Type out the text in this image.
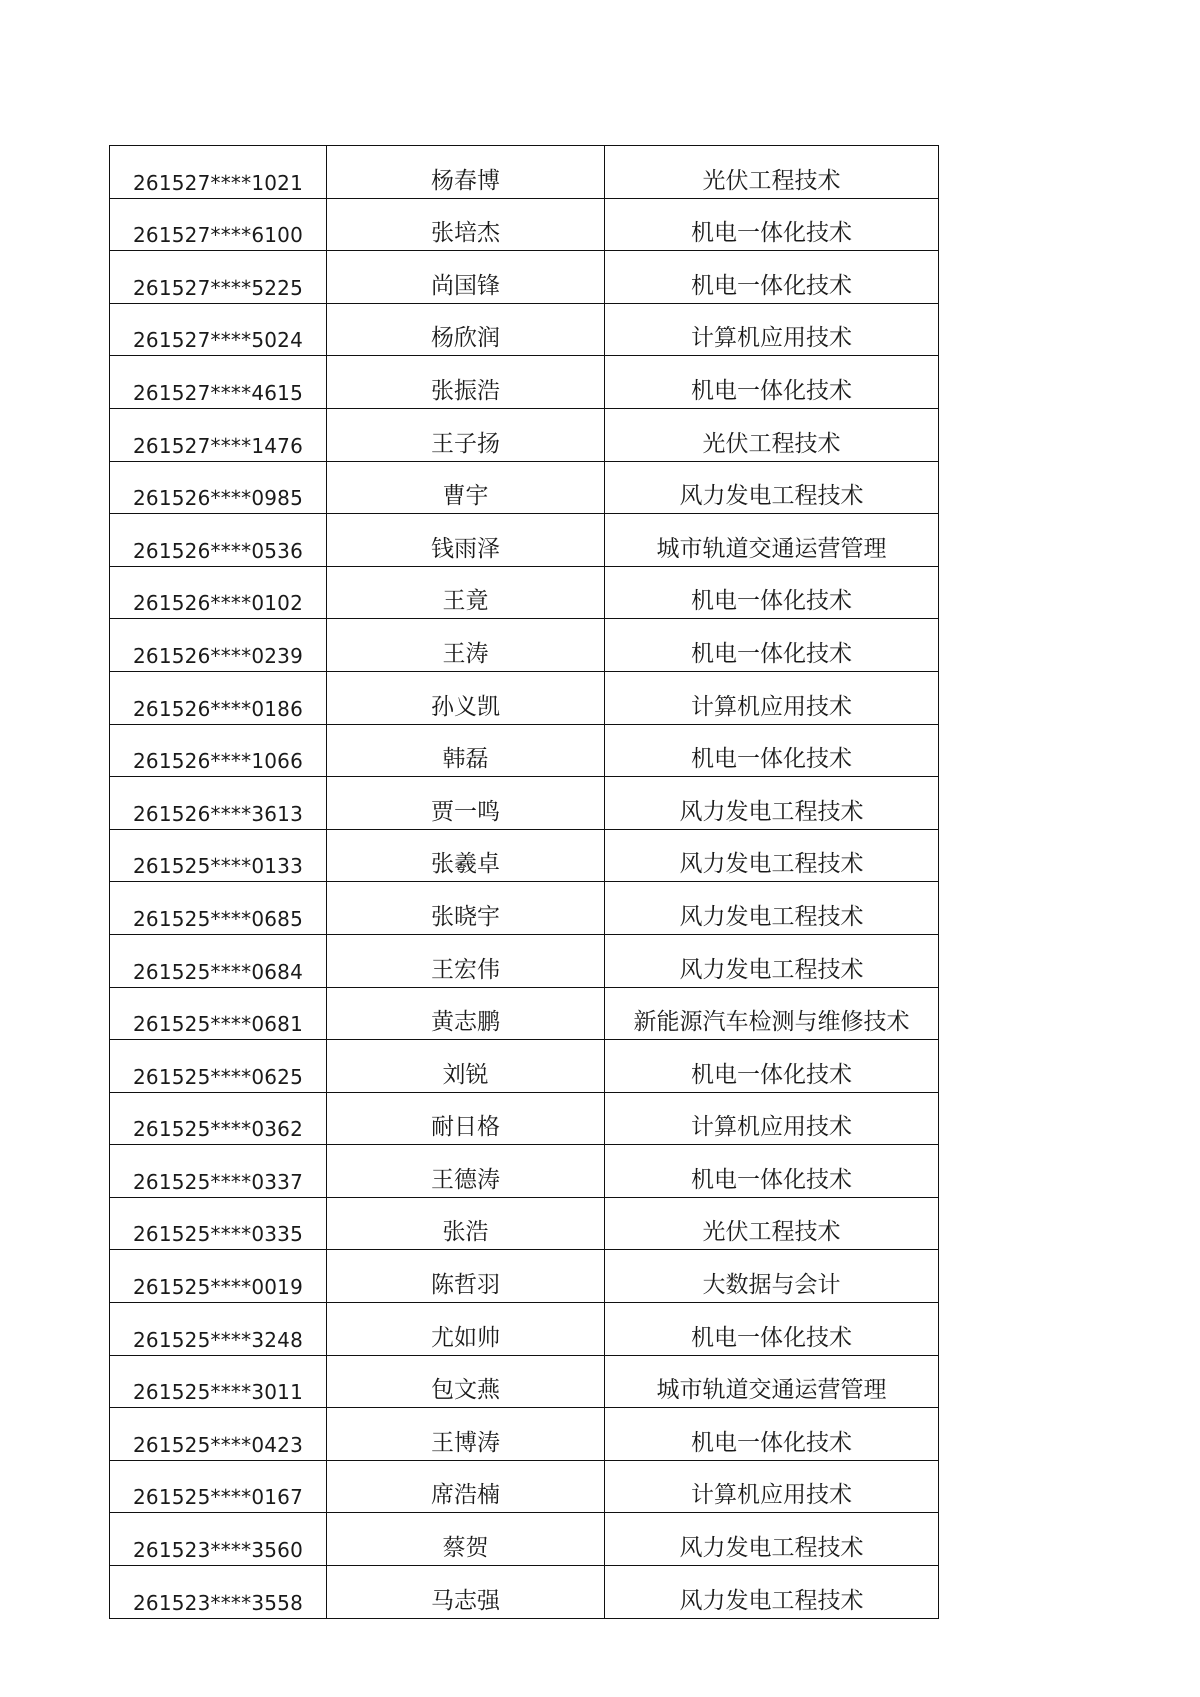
261527****1021	杨春博	光伏工程技术
261527****6100	张培杰	机电一体化技术
261527****5225	尚国锋	机电一体化技术
261527****5024	杨欣润	计算机应用技术
261527****4615	张振浩	机电一体化技术
261527****1476	王子扬	光伏工程技术
261526****0985	曹宇	风力发电工程技术
261526****0536	钱雨泽	城市轨道交通运营管理
261526****0102	王竟	机电一体化技术
261526****0239	王涛	机电一体化技术
261526****0186	孙义凯	计算机应用技术
261526****1066	韩磊	机电一体化技术
261526****3613	贾一鸣	风力发电工程技术
261525****0133	张羲卓	风力发电工程技术
261525****0685	张晓宇	风力发电工程技术
261525****0684	王宏伟	风力发电工程技术
261525****0681	黄志鹏	新能源汽车检测与维修技术
261525****0625	刘锐	机电一体化技术
261525****0362	耐日格	计算机应用技术
261525****0337	王德涛	机电一体化技术
261525****0335	张浩	光伏工程技术
261525****0019	陈哲羽	大数据与会计
261525****3248	尤如帅	机电一体化技术
261525****3011	包文燕	城市轨道交通运营管理
261525****0423	王博涛	机电一体化技术
261525****0167	席浩楠	计算机应用技术
261523****3560	蔡贺	风力发电工程技术
261523****3558	马志强	风力发电工程技术
